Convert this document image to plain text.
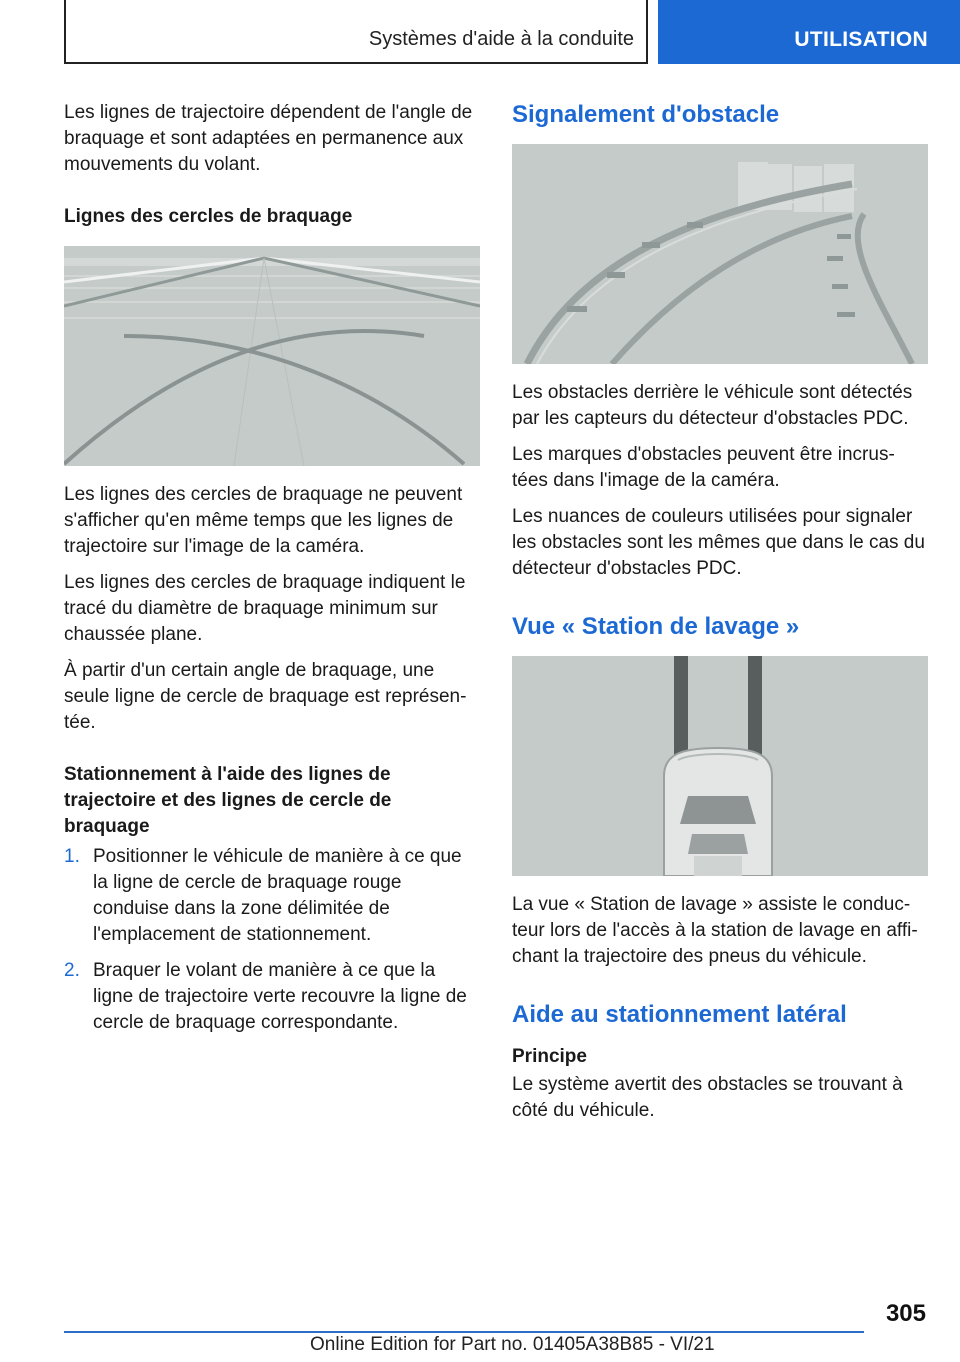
Systèmes d'aide à la conduite	UTILISATION

Les lignes de trajectoire dépendent de l'angle de braquage et sont adaptées en permanence aux mouvements du volant.

Lignes des cercles de braquage

Les lignes des cercles de braquage ne peuvent s'afficher qu'en même temps que les lignes de trajectoire sur l'image de la caméra.

Les lignes des cercles de braquage indiquent le tracé du diamètre de braquage minimum sur chaussée plane.

À partir d'un certain angle de braquage, une seule ligne de cercle de braquage est représen‐ tée.

Stationnement à l'aide des lignes de trajectoire et des lignes de cercle de braquage
1. Positionner le véhicule de manière à ce que la ligne de cercle de braquage rouge conduise dans la zone délimitée de l'emplacement de stationnement.
2. Braquer le volant de manière à ce que la ligne de trajectoire verte recouvre la ligne de cercle de braquage correspondante.
Signalement d'obstacle

Les obstacles derrière le véhicule sont détectés par les capteurs du détecteur d'obstacles PDC.

Les marques d'obstacles peuvent être incrus‐ tées dans l'image de la caméra.

Les nuances de couleurs utilisées pour signaler les obstacles sont les mêmes que dans le cas du détecteur d'obstacles PDC.

Vue « Station de lavage »

La vue « Station de lavage » assiste le conduc‐ teur lors de l'accès à la station de lavage en affi‐ chant la trajectoire des pneus du véhicule.

Aide au stationnement latéral
Principe

Le système avertit des obstacles se trouvant à côté du véhicule.

305
Online Edition for Part no. 01405A38B85 - VI/21
